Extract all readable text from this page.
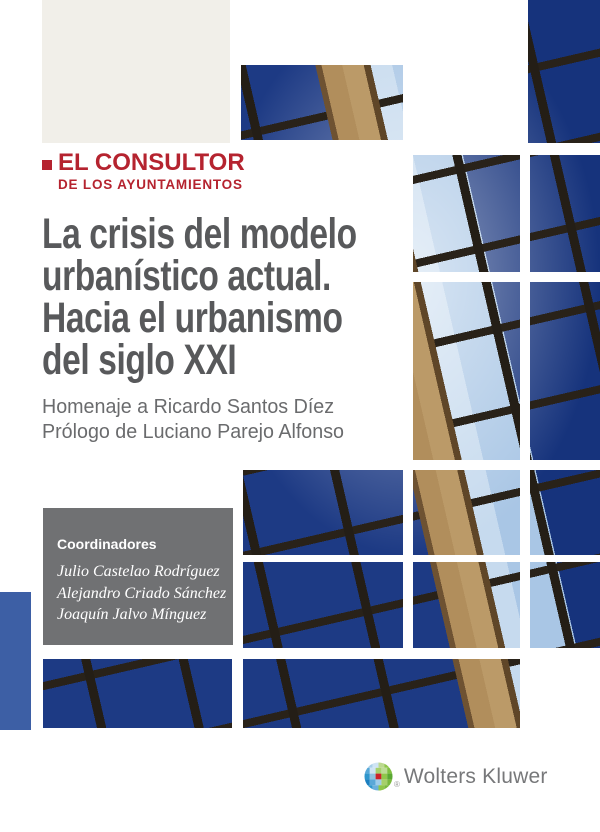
EL CONSULTOR
DE LOS AYUNTAMIENTOS
La crisis del modelo
urbanístico actual.
Hacia el urbanismo
del siglo XXI
Homenaje a Ricardo Santos Díez
Prólogo de Luciano Parejo Alfonso
Coordinadores
Julio Castelao Rodríguez
Alejandro Criado Sánchez
Joaquín Jalvo Mínguez
® Wolters Kluwer
